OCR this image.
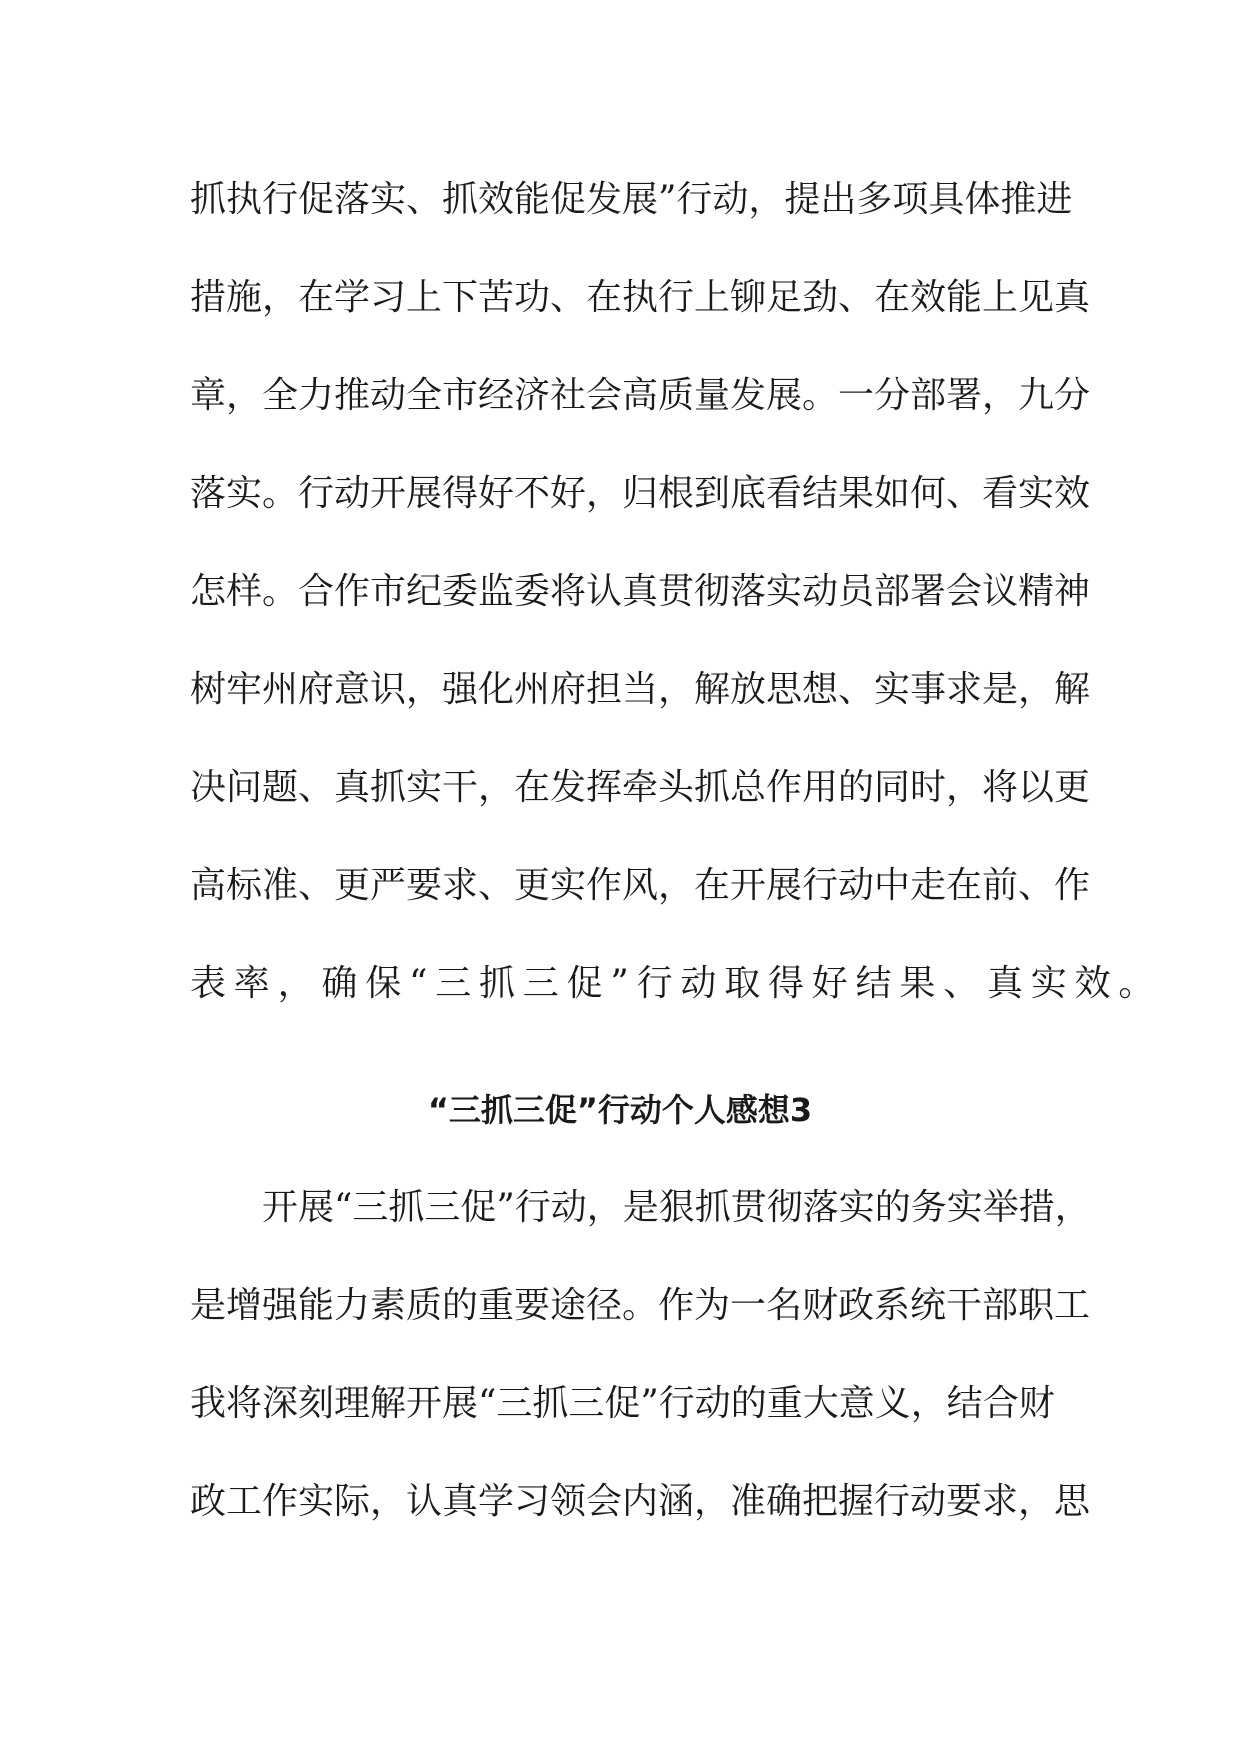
抓执行促落实、抓效能促发展”行动，提出多项具体推进
措施，在学习上下苦功、在执行上铆足劲、在效能上见真
章，全力推动全市经济社会高质量发展。一分部署，九分
落实。行动开展得好不好，归根到底看结果如何、看实效
怎样。合作市纪委监委将认真贯彻落实动员部署会议精神
树牢州府意识，强化州府担当，解放思想、实事求是，解
决问题、真抓实干，在发挥牵头抓总作用的同时，将以更
高标准、更严要求、更实作风，在开展行动中走在前、作
表率，确保“三抓三促”行动取得好结果、真实效。
“三抓三促”行动个人感想3
开展“三抓三促”行动，是狠抓贯彻落实的务实举措，
是增强能力素质的重要途径。作为一名财政系统干部职工
我将深刻理解开展“三抓三促”行动的重大意义，结合财
政工作实际，认真学习领会内涵，准确把握行动要求，思
